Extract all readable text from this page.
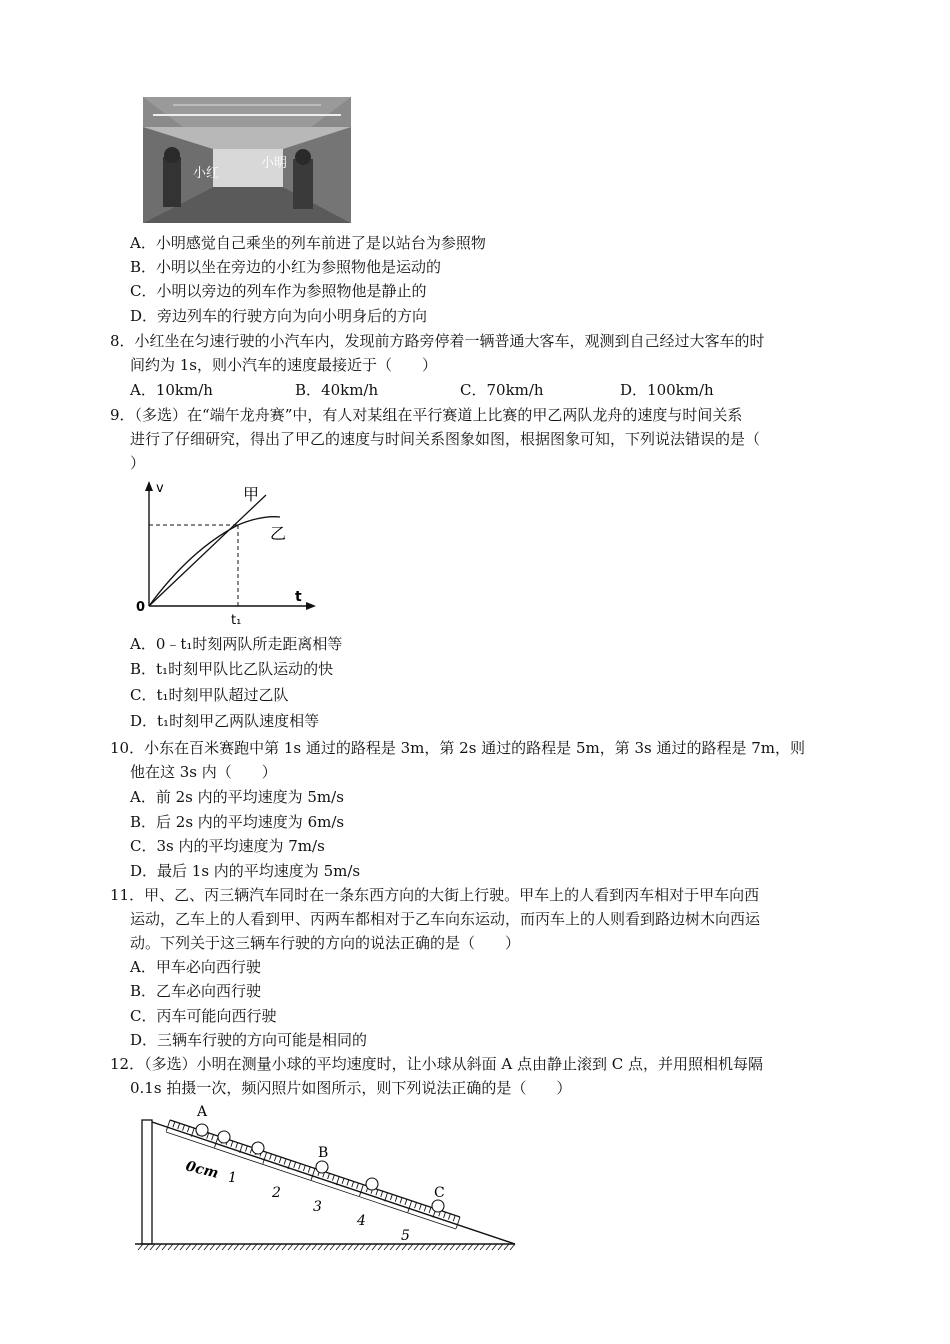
小红
小明
A．小明感觉自己乘坐的列车前进了是以站台为参照物
B．小明以坐在旁边的小红为参照物他是运动的
C．小明以旁边的列车作为参照物他是静止的
D．旁边列车的行驶方向为向小明身后的方向
8．小红坐在匀速行驶的小汽车内，发现前方路旁停着一辆普通大客车，观测到自己经过大客车的时
间约为 1s，则小汽车的速度最接近于（　　）
A．10km/h	B．40km/h	C．70km/h	D．100km/h
9．（多选）在“端午龙舟赛”中，有人对某组在平行赛道上比赛的甲乙两队龙舟的速度与时间关系
进行了仔细研究，得出了甲乙的速度与时间关系图象如图，根据图象可知，下列说法错误的是（
）
v
t
0
t₁
甲
乙
A．0﹣t₁时刻两队所走距离相等
B．t₁时刻甲队比乙队运动的快
C．t₁时刻甲队超过乙队
D．t₁时刻甲乙两队速度相等
10．小东在百米赛跑中第 1s 通过的路程是 3m，第 2s 通过的路程是 5m，第 3s 通过的路程是 7m，则
他在这 3s 内（　　）
A．前 2s 内的平均速度为 5m/s
B．后 2s 内的平均速度为 6m/s
C．3s 内的平均速度为 7m/s
D．最后 1s 内的平均速度为 5m/s
11．甲、乙、丙三辆汽车同时在一条东西方向的大街上行驶。甲车上的人看到丙车相对于甲车向西
运动，乙车上的人看到甲、丙两车都相对于乙车向东运动，而丙车上的人则看到路边树木向西运
动。下列关于这三辆车行驶的方向的说法正确的是（　　）
A．甲车必向西行驶
B．乙车必向西行驶
C．丙车可能向西行驶
D．三辆车行驶的方向可能是相同的
12．（多选）小明在测量小球的平均速度时，让小球从斜面 A 点由静止滚到 C 点，并用照相机每隔
0.1s 拍摄一次，频闪照片如图所示，则下列说法正确的是（　　）
A
B
C
0cm 1
2
3
4
5
